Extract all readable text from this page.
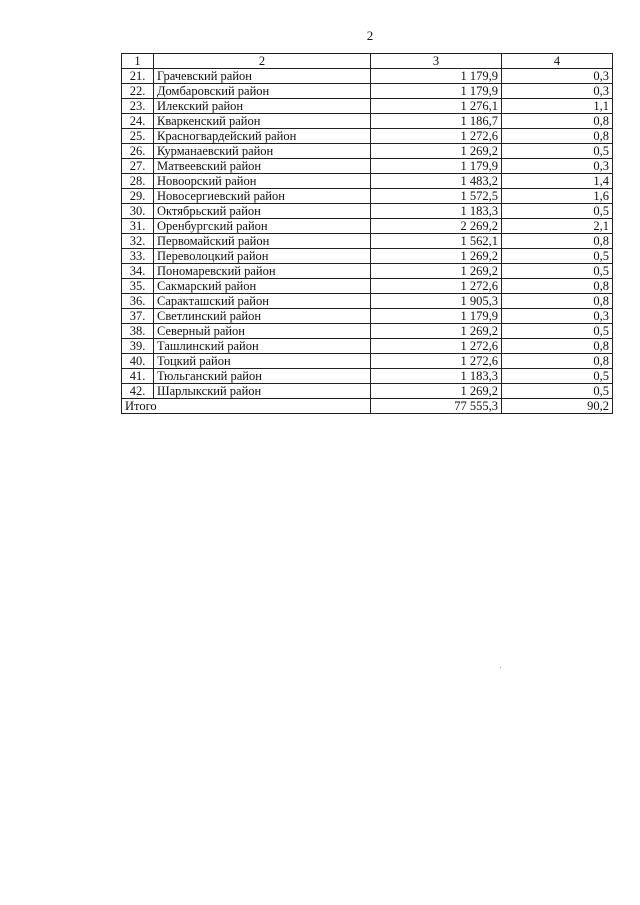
2
1	2	3	4
21.	Грачевский район	1 179,9	0,3
22.	Домбаровский район	1 179,9	0,3
23.	Илекский район	1 276,1	1,1
24.	Кваркенский район	1 186,7	0,8
25.	Красногвардейский район	1 272,6	0,8
26.	Курманаевский район	1 269,2	0,5
27.	Матвеевский район	1 179,9	0,3
28.	Новоорский район	1 483,2	1,4
29.	Новосергиевский район	1 572,5	1,6
30.	Октябрьский район	1 183,3	0,5
31.	Оренбургский район	2 269,2	2,1
32.	Первомайский район	1 562,1	0,8
33.	Переволоцкий район	1 269,2	0,5
34.	Пономаревский район	1 269,2	0,5
35.	Сакмарский район	1 272,6	0,8
36.	Саракташский район	1 905,3	0,8
37.	Светлинский район	1 179,9	0,3
38.	Северный район	1 269,2	0,5
39.	Ташлинский район	1 272,6	0,8
40.	Тоцкий район	1 272,6	0,8
41.	Тюльганский район	1 183,3	0,5
42.	Шарлыкский район	1 269,2	0,5
Итого		77 555,3	90,2
